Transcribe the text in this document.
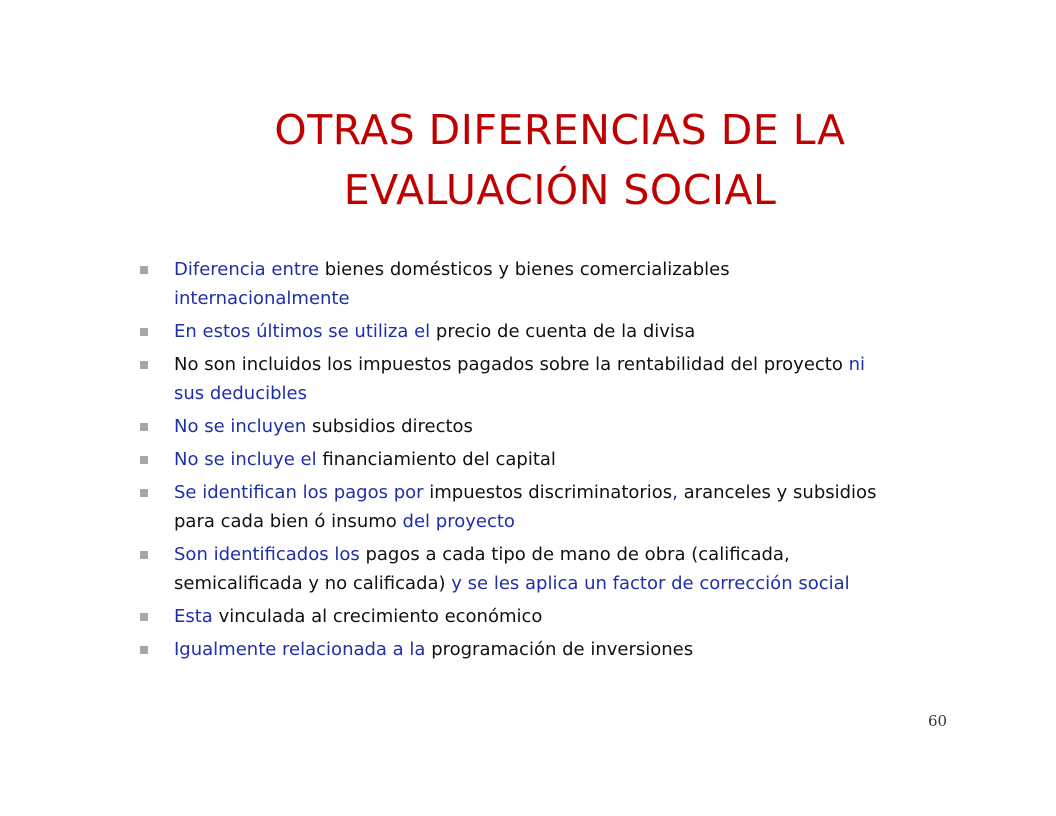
OTRAS DIFERENCIAS DE LA
EVALUACIÓN SOCIAL
Diferencia entre bienes domésticos y bienes comercializables internacionalmente
En estos últimos se utiliza el precio de cuenta de la divisa
No son incluidos los impuestos pagados sobre la rentabilidad del proyecto ni sus deducibles
No se incluyen subsidios directos
No se incluye el financiamiento del capital
Se identifican los pagos por impuestos discriminatorios, aranceles y subsidios para cada bien ó insumo del proyecto
Son identificados los pagos a cada tipo de mano de obra (calificada, semicalificada y no calificada) y se les aplica un factor de corrección social
Esta vinculada al crecimiento económico
Igualmente relacionada a la programación de inversiones
60
